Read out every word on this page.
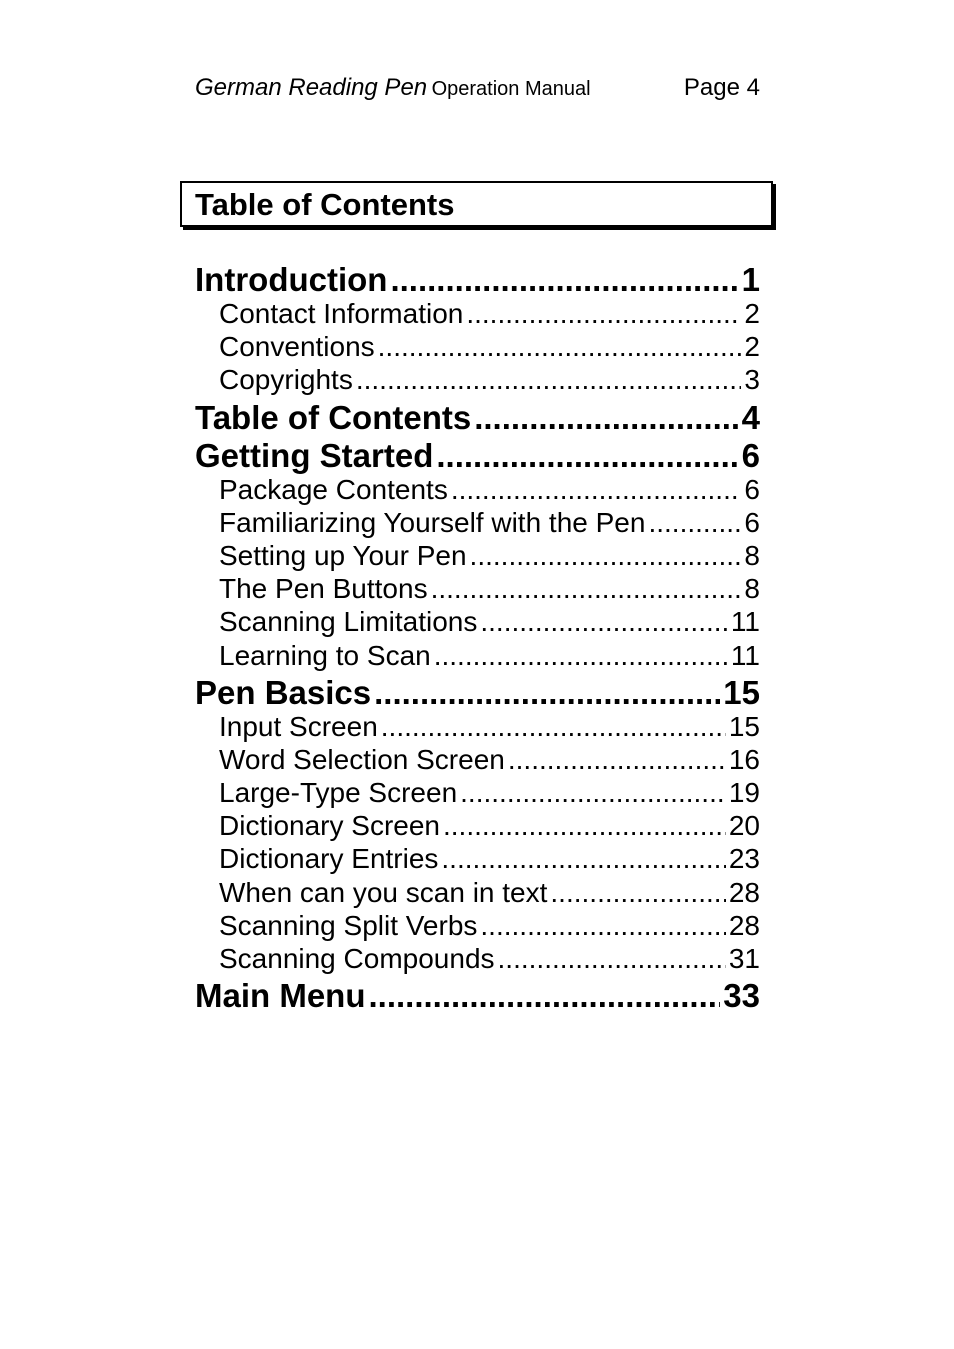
German Reading Pen Operation Manual	Page 4
Table of Contents
Introduction .....	1
Contact Information .....	2
Conventions .....	2
Copyrights .....	3
Table of Contents .....	4
Getting Started .....	6
Package Contents .....	6
Familiarizing Yourself with the Pen .....	6
Setting up Your Pen .....	8
The Pen Buttons .....	8
Scanning Limitations .....	11
Learning to Scan .....	11
Pen Basics .....	15
Input Screen .....	15
Word Selection Screen .....	16
Large-Type Screen .....	19
Dictionary Screen .....	20
Dictionary Entries .....	23
When can you scan in text .....	28
Scanning Split Verbs .....	28
Scanning Compounds .....	31
Main Menu .....	33
